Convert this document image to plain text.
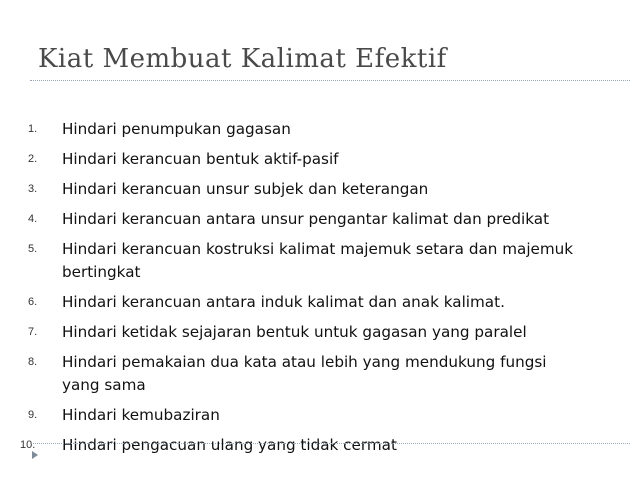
Kiat Membuat Kalimat Efektif
1.	Hindari penumpukan gagasan
2.	Hindari kerancuan bentuk aktif-pasif
3.	Hindari kerancuan unsur subjek dan keterangan
4.	Hindari kerancuan antara unsur pengantar kalimat dan predikat
5.	Hindari kerancuan kostruksi kalimat majemuk setara dan majemuk bertingkat
6.	Hindari kerancuan antara induk kalimat dan anak kalimat.
7.	Hindari ketidak sejajaran bentuk untuk gagasan yang paralel
8.	Hindari pemakaian dua kata atau lebih yang mendukung fungsi yang sama
9.	Hindari kemubaziran
10.	Hindari pengacuan ulang yang tidak cermat
